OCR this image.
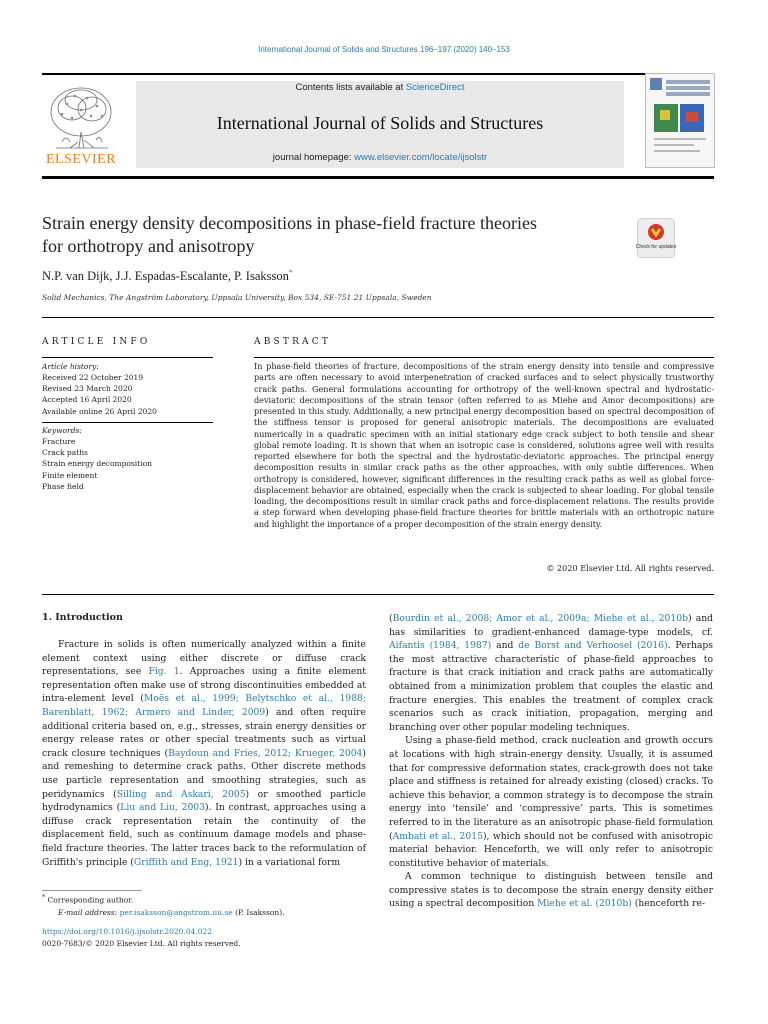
International Journal of Solids and Structures 196–197 (2020) 140–153
ELSEVIER
Contents lists available at ScienceDirect
International Journal of Solids and Structures
journal homepage: www.elsevier.com/locate/ijsolstr
Strain energy density decompositions in phase-field fracture theories
for orthotropy and anisotropy	Check for updates
N.P. van Dijk, J.J. Espadas-Escalante, P. Isaksson*
Solid Mechanics, The Angström Laboratory, Uppsala University, Box 534, SE-751 21 Uppsala, Sweden
ARTICLE INFO	ABSTRACT
Article history:
Received 22 October 2019
Revised 23 March 2020
Accepted 16 April 2020
Available online 26 April 2020
Keywords:
Fracture
Crack paths
Strain energy decomposition
Finite element
Phase field
In phase-field theories of fracture, decompositions of the strain energy density into tensile and compressive parts are often necessary to avoid interpenetration of cracked surfaces and to select physically trustworthy crack paths. General formulations accounting for orthotropy of the well-known spectral and hydrostatic-deviatoric decompositions of the strain tensor (often referred to as Miehe and Amor decompositions) are presented in this study. Additionally, a new principal energy decomposition based on spectral decomposition of the stiffness tensor is proposed for general anisotropic materials. The decompositions are evaluated numerically in a quadratic specimen with an initial stationary edge crack subject to both tensile and shear global remote loading. It is shown that when an isotropic case is considered, solutions agree well with results reported elsewhere for both the spectral and the hydrostatic-deviatoric approaches. The principal energy decomposition results in similar crack paths as the other approaches, with only subtle differences. When orthotropy is considered, however, significant differences in the resulting crack paths as well as global force-displacement behavior are obtained, especially when the crack is subjected to shear loading. For global tensile loading, the decompositions result in similar crack paths and force-displacement relations. The results provide a step forward when developing phase-field fracture theories for brittle materials with an orthotropic nature and highlight the importance of a proper decomposition of the strain energy density.
© 2020 Elsevier Ltd. All rights reserved.
1. Introduction

Fracture in solids is often numerically analyzed within a finite element context using either discrete or diffuse crack representations, see Fig. 1. Approaches using a finite element representation often make use of strong discontinuities embedded at intra-element level (Moës et al., 1999; Belytschko et al., 1988; Barenblatt, 1962; Armero and Linder, 2009) and often require additional criteria based on, e.g., stresses, strain energy densities or energy release rates or other special treatments such as virtual crack closure techniques (Baydoun and Fries, 2012; Krueger, 2004) and remeshing to determine crack paths. Other discrete methods use particle representation and smoothing strategies, such as peridynamics (Silling and Askari, 2005) or smoothed particle hydrodynamics (Liu and Liu, 2003). In contrast, approaches using a diffuse crack representation retain the continuity of the displacement field, such as continuum damage models and phase-field fracture theories. The latter traces back to the reformulation of Griffith's principle (Griffith and Eng, 1921) in a variational form

(Bourdin et al., 2008; Amor et al., 2009a; Miehe et al., 2010b) and has similarities to gradient-enhanced damage-type models, cf. Aifantis (1984, 1987) and de Borst and Verhoosel (2016). Perhaps the most attractive characteristic of phase-field approaches to fracture is that crack initiation and crack paths are automatically obtained from a minimization problem that couples the elastic and fracture energies. This enables the treatment of complex crack scenarios such as crack initiation, propagation, merging and branching over other popular modeling techniques.

Using a phase-field method, crack nucleation and growth occurs at locations with high strain-energy density. Usually, it is assumed that for compressive deformation states, crack-growth does not take place and stiffness is retained for already existing (closed) cracks. To achieve this behavior, a common strategy is to decompose the strain energy into ‘tensile’ and ‘compressive’ parts. This is sometimes referred to in the literature as an anisotropic phase-field formulation (Ambati et al., 2015), which should not be confused with anisotropic material behavior. Henceforth, we will only refer to anisotropic constitutive behavior of materials.

A common technique to distinguish between tensile and compressive states is to decompose the strain energy density either using a spectral decomposition Miehe et al. (2010b) (henceforth re-

* Corresponding author.
E-mail address: per.isaksson@angstrom.uu.se (P. Isaksson).
https://doi.org/10.1016/j.ijsolstr.2020.04.022
0020-7683/© 2020 Elsevier Ltd. All rights reserved.
